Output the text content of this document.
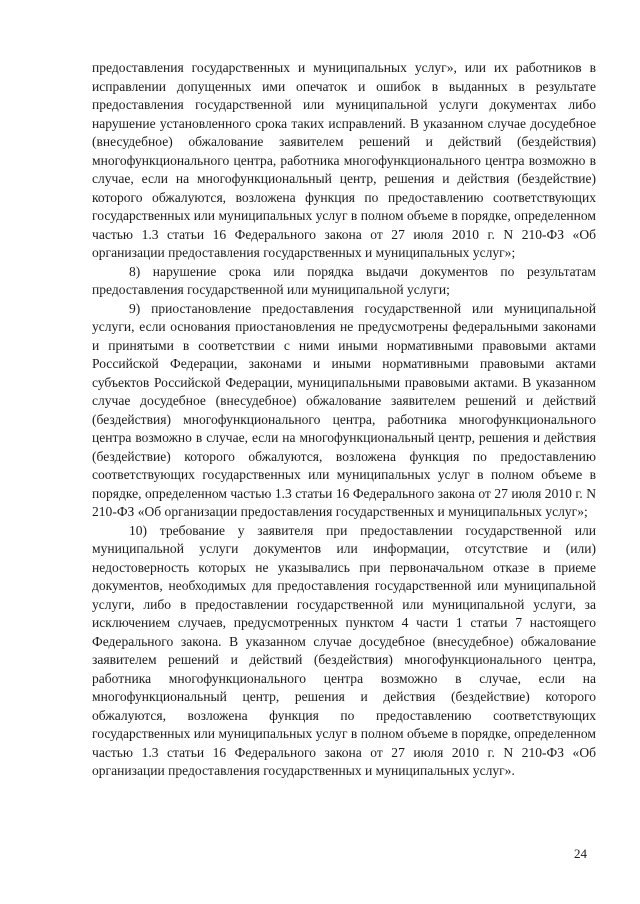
предоставления государственных и муниципальных услуг», или их работников в исправлении допущенных ими опечаток и ошибок в выданных в результате предоставления государственной или муниципальной услуги документах либо нарушение установленного срока таких исправлений. В указанном случае досудебное (внесудебное) обжалование заявителем решений и действий (бездействия) многофункционального центра, работника многофункционального центра возможно в случае, если на многофункциональный центр, решения и действия (бездействие) которого обжалуются, возложена функция по предоставлению соответствующих государственных или муниципальных услуг в полном объеме в порядке, определенном частью 1.3 статьи 16 Федерального закона от 27 июля 2010 г. N 210-ФЗ «Об организации предоставления государственных и муниципальных услуг»;

8) нарушение срока или порядка выдачи документов по результатам предоставления государственной или муниципальной услуги;

9) приостановление предоставления государственной или муниципальной услуги, если основания приостановления не предусмотрены федеральными законами и принятыми в соответствии с ними иными нормативными правовыми актами Российской Федерации, законами и иными нормативными правовыми актами субъектов Российской Федерации, муниципальными правовыми актами. В указанном случае досудебное (внесудебное) обжалование заявителем решений и действий (бездействия) многофункционального центра, работника многофункционального центра возможно в случае, если на многофункциональный центр, решения и действия (бездействие) которого обжалуются, возложена функция по предоставлению соответствующих государственных или муниципальных услуг в полном объеме в порядке, определенном частью 1.3 статьи 16 Федерального закона от 27 июля 2010 г. N 210-ФЗ «Об организации предоставления государственных и муниципальных услуг»;

10) требование у заявителя при предоставлении государственной или муниципальной услуги документов или информации, отсутствие и (или) недостоверность которых не указывались при первоначальном отказе в приеме документов, необходимых для предоставления государственной или муниципальной услуги, либо в предоставлении государственной или муниципальной услуги, за исключением случаев, предусмотренных пунктом 4 части 1 статьи 7 настоящего Федерального закона. В указанном случае досудебное (внесудебное) обжалование заявителем решений и действий (бездействия) многофункционального центра, работника многофункционального центра возможно в случае, если на многофункциональный центр, решения и действия (бездействие) которого обжалуются, возложена функция по предоставлению соответствующих государственных или муниципальных услуг в полном объеме в порядке, определенном частью 1.3 статьи 16 Федерального закона от 27 июля 2010 г. N 210-ФЗ «Об организации предоставления государственных и муниципальных услуг».

24
